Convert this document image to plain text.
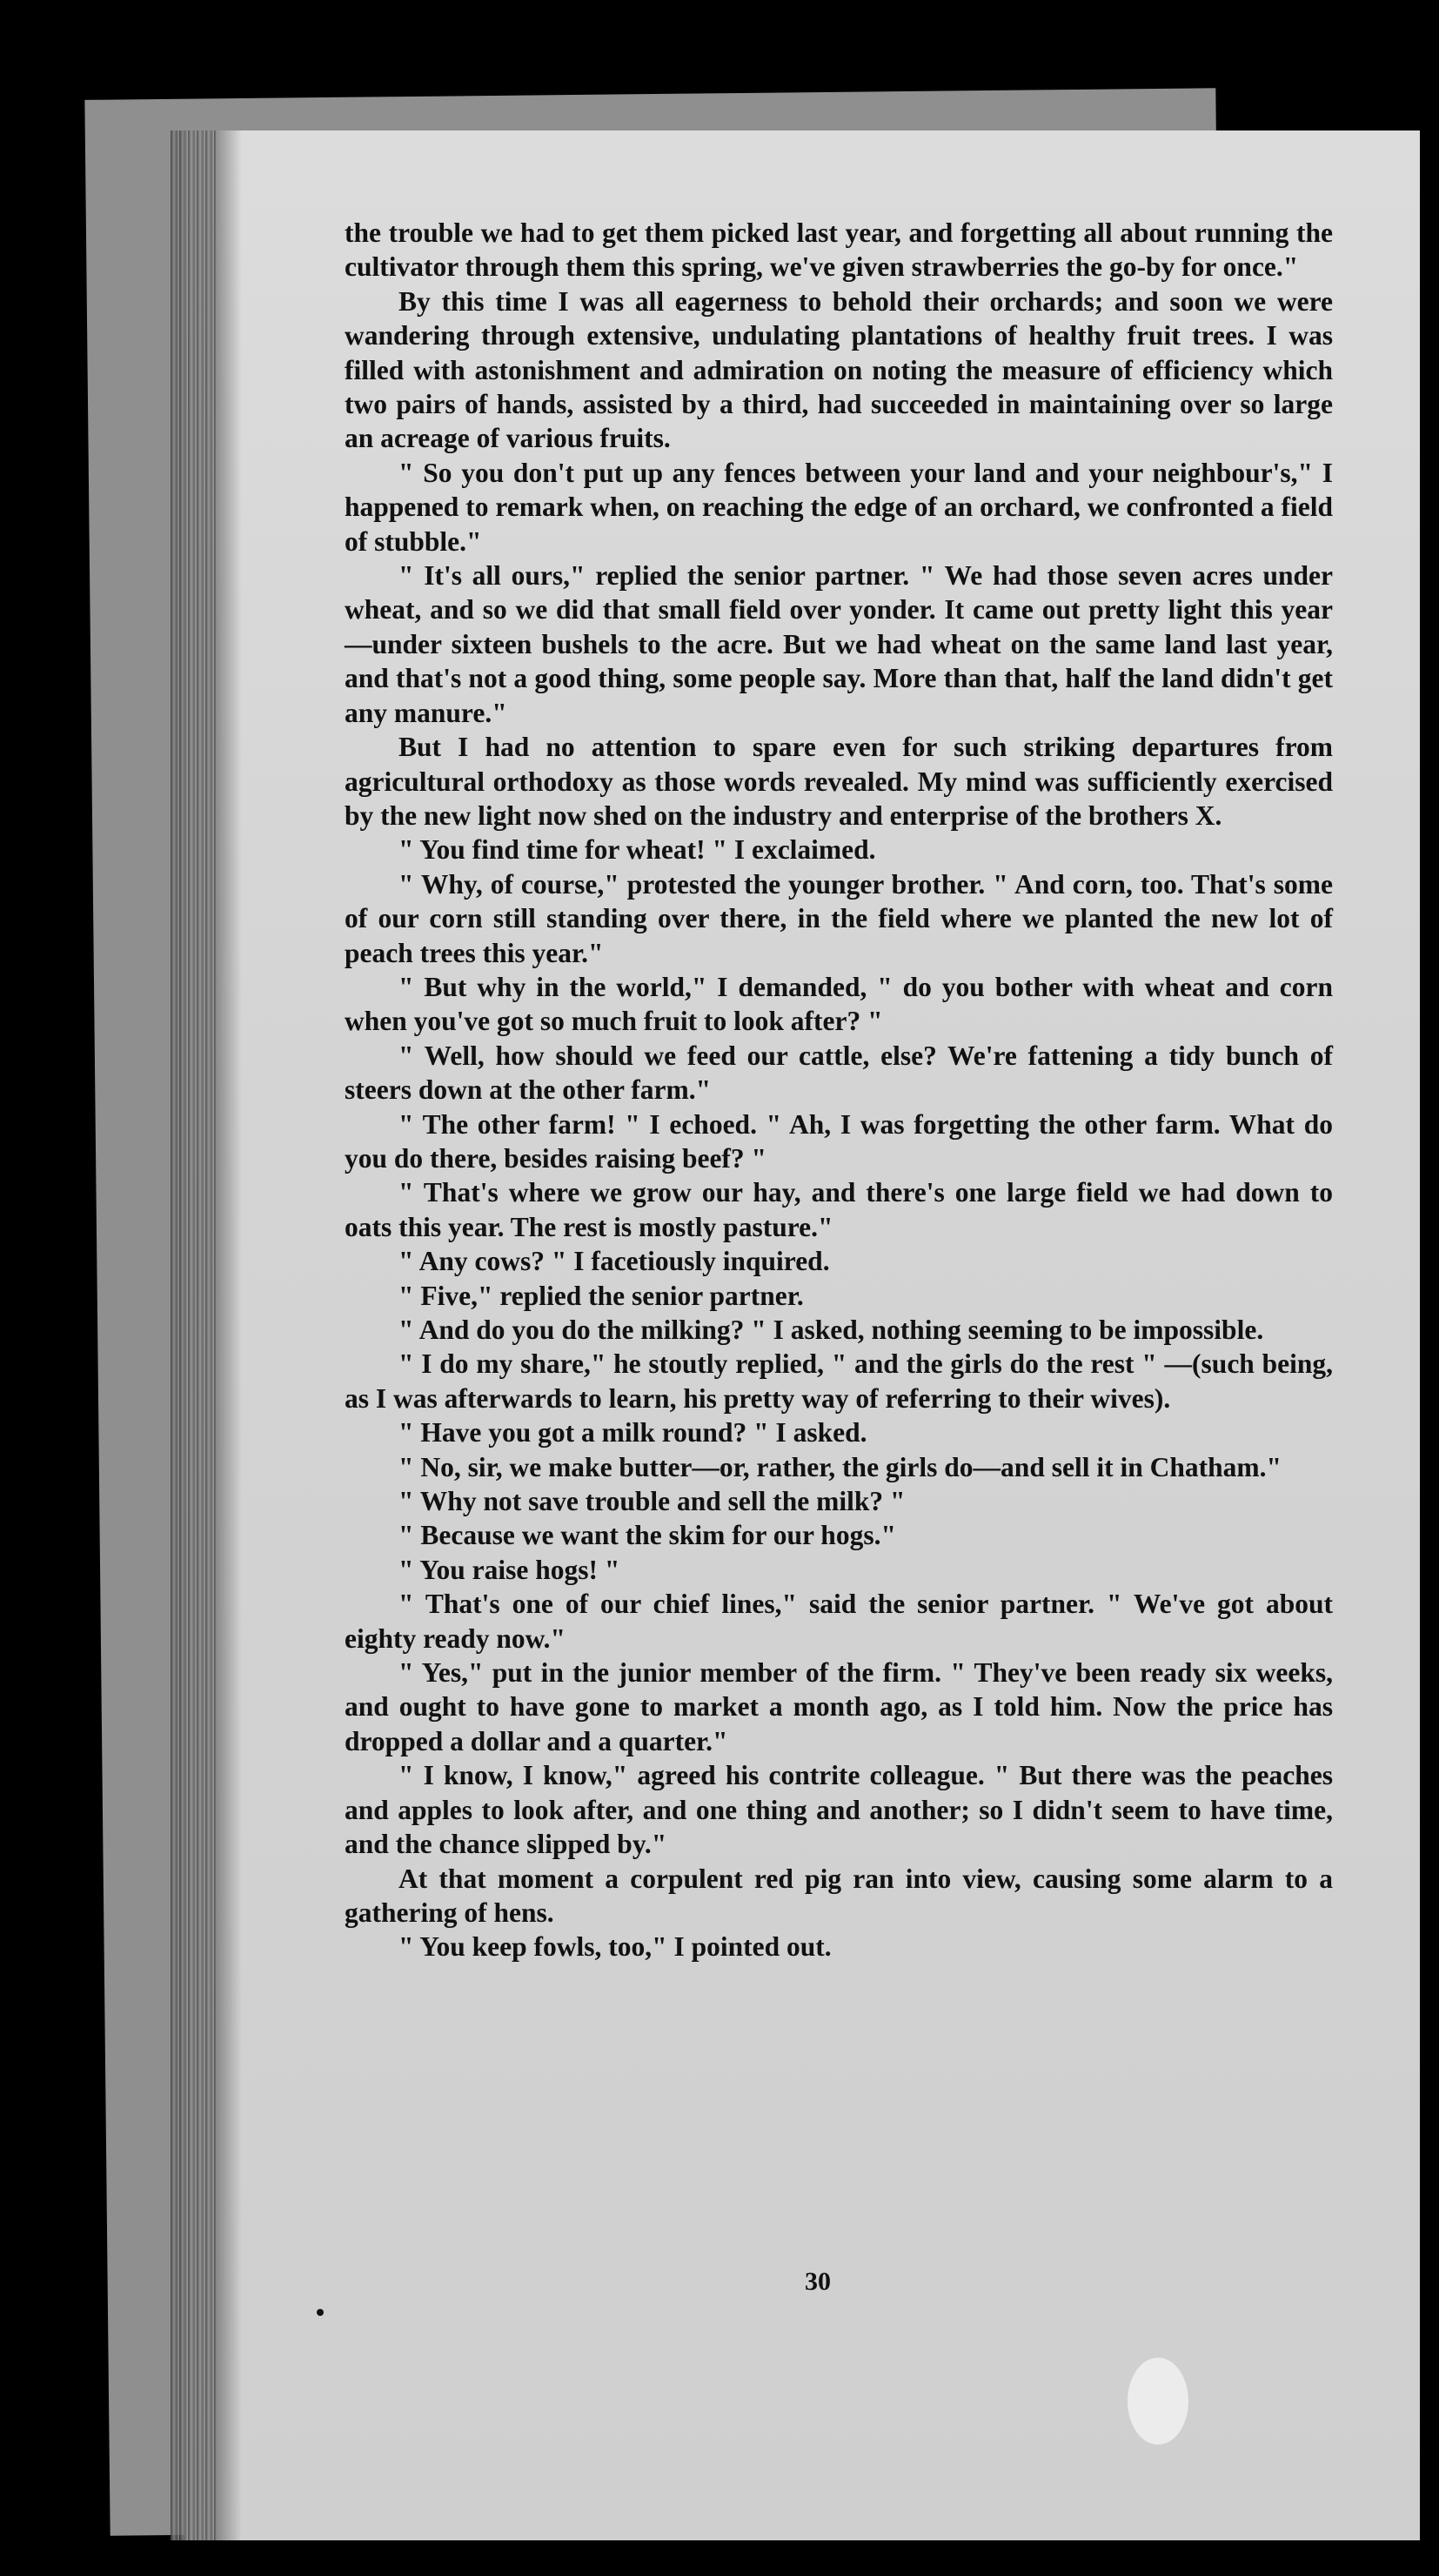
the trouble we had to get them picked last year, and forgetting all about running the cultivator through them this spring, we've given strawberries the go-by for once."

By this time I was all eagerness to behold their orchards; and soon we were wandering through extensive, undulating plantations of healthy fruit trees. I was filled with astonishment and admiration on noting the measure of efficiency which two pairs of hands, assisted by a third, had succeeded in maintaining over so large an acreage of various fruits.

" So you don't put up any fences between your land and your neighbour's," I happened to remark when, on reaching the edge of an orchard, we confronted a field of stubble."

" It's all ours," replied the senior partner. " We had those seven acres under wheat, and so we did that small field over yonder. It came out pretty light this year—under sixteen bushels to the acre. But we had wheat on the same land last year, and that's not a good thing, some people say. More than that, half the land didn't get any manure."

But I had no attention to spare even for such striking departures from agricultural orthodoxy as those words revealed. My mind was sufficiently exercised by the new light now shed on the industry and enterprise of the brothers X.

" You find time for wheat! " I exclaimed.

" Why, of course," protested the younger brother. " And corn, too. That's some of our corn still standing over there, in the field where we planted the new lot of peach trees this year."

" But why in the world," I demanded, " do you bother with wheat and corn when you've got so much fruit to look after? "

" Well, how should we feed our cattle, else? We're fattening a tidy bunch of steers down at the other farm."

" The other farm! " I echoed. " Ah, I was forgetting the other farm. What do you do there, besides raising beef? "

" That's where we grow our hay, and there's one large field we had down to oats this year. The rest is mostly pasture."

" Any cows? " I facetiously inquired.

" Five," replied the senior partner.

" And do you do the milking? " I asked, nothing seeming to be impossible.

" I do my share," he stoutly replied, " and the girls do the rest " —(such being, as I was afterwards to learn, his pretty way of referring to their wives).

" Have you got a milk round? " I asked.

" No, sir, we make butter—or, rather, the girls do—and sell it in Chatham."

" Why not save trouble and sell the milk? "

" Because we want the skim for our hogs."

" You raise hogs! "

" That's one of our chief lines," said the senior partner. " We've got about eighty ready now."

" Yes," put in the junior member of the firm. " They've been ready six weeks, and ought to have gone to market a month ago, as I told him. Now the price has dropped a dollar and a quarter."

" I know, I know," agreed his contrite colleague. " But there was the peaches and apples to look after, and one thing and another; so I didn't seem to have time, and the chance slipped by."

At that moment a corpulent red pig ran into view, causing some alarm to a gathering of hens.

" You keep fowls, too," I pointed out.

30
